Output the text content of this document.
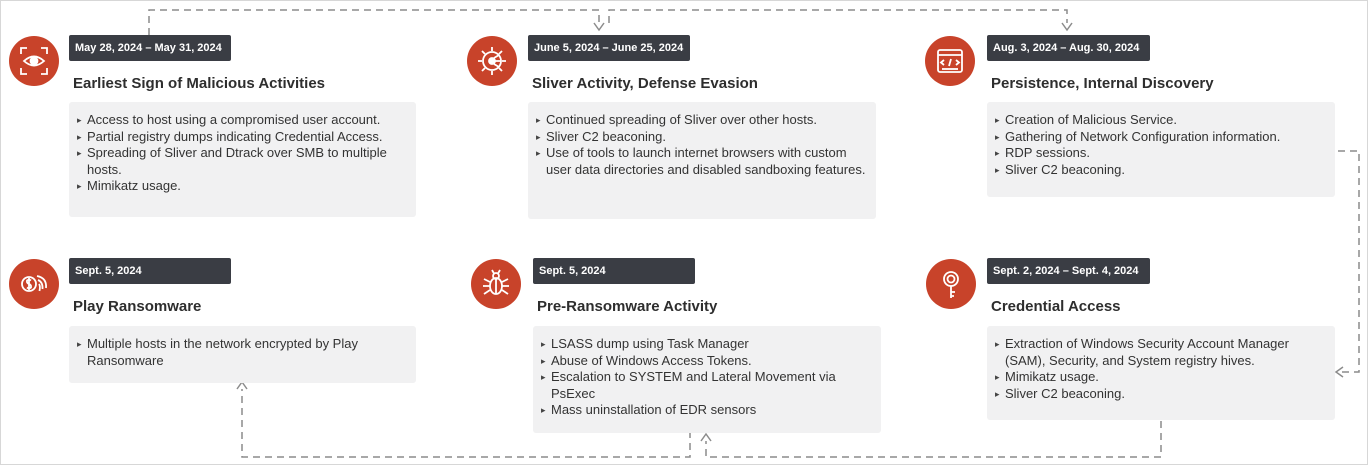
May 28, 2024 – May 31, 2024
Earliest Sign of Malicious Activities
▸ Access to host using a compromised user account.
▸ Partial registry dumps indicating Credential Access.
▸ Spreading of Sliver and Dtrack over SMB to multiple hosts.
▸ Mimikatz usage.
June 5, 2024 – June 25, 2024
Sliver Activity, Defense Evasion
▸ Continued spreading of Sliver over other hosts.
▸ Sliver C2 beaconing.
▸ Use of tools to launch internet browsers with custom user data directories and disabled sandboxing features.
Aug. 3, 2024 – Aug. 30, 2024
Persistence, Internal Discovery
▸ Creation of Malicious Service.
▸ Gathering of Network Configuration information.
▸ RDP sessions.
▸ Sliver C2 beaconing.
Sept. 5, 2024
Play Ransomware
▸ Multiple hosts in the network encrypted by Play Ransomware
Sept. 5, 2024
Pre-Ransomware Activity
▸ LSASS dump using Task Manager
▸ Abuse of Windows Access Tokens.
▸ Escalation to SYSTEM and Lateral Movement via PsExec
▸ Mass uninstallation of EDR sensors
Sept. 2, 2024 – Sept. 4, 2024
Credential Access
▸ Extraction of Windows Security Account Manager (SAM), Security, and System registry hives.
▸ Mimikatz usage.
▸ Sliver C2 beaconing.
